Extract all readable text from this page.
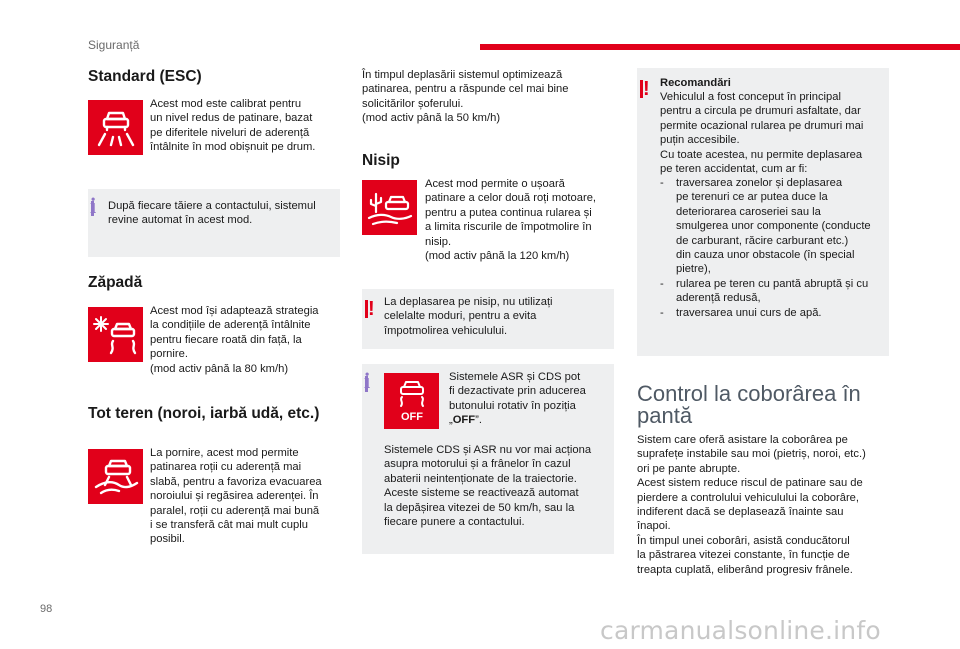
Siguranță
Standard (ESC)
Acest mod este calibrat pentru
un nivel redus de patinare, bazat
pe diferitele niveluri de aderență
întâlnite în mod obișnuit pe drum.
i După fiecare tăiere a contactului, sistemul
revine automat în acest mod.
Zăpadă
Acest mod își adaptează strategia
la condițiile de aderență întâlnite
pentru fiecare roată din față, la
pornire.
(mod activ până la 80 km/h)
Tot teren (noroi, iarbă udă, etc.)
La pornire, acest mod permite
patinarea roții cu aderență mai
slabă, pentru a favoriza evacuarea
noroiului și regăsirea aderenței. În
paralel, roții cu aderență mai bună
i se transferă cât mai mult cuplu
posibil.
În timpul deplasării sistemul optimizează
patinarea, pentru a răspunde cel mai bine
solicitărilor șoferului.
(mod activ până la 50 km/h)
Nisip
Acest mod permite o ușoară
patinare a celor două roți motoare,
pentru a putea continua rularea și
a limita riscurile de împotmolire în
nisip.
(mod activ până la 120 km/h)
! La deplasarea pe nisip, nu utilizați
celelalte moduri, pentru a evita
împotmolirea vehiculului.
i
OFF
Sistemele ASR și CDS pot
fi dezactivate prin aducerea
butonului rotativ în poziția
„OFF”.
Sistemele CDS și ASR nu vor mai acționa
asupra motorului și a frânelor în cazul
abaterii neintenționate de la traiectorie.
Aceste sisteme se reactivează automat
la depășirea vitezei de 50 km/h, sau la
fiecare punere a contactului.
! Recomandări
Vehiculul a fost conceput în principal
pentru a circula pe drumuri asfaltate, dar
permite ocazional rularea pe drumuri mai
puțin accesibile.
Cu toate acestea, nu permite deplasarea
pe teren accidentat, cum ar fi:
- traversarea zonelor și deplasarea
pe terenuri ce ar putea duce la
deteriorarea caroseriei sau la
smulgerea unor componente (conducte
de carburant, răcire carburant etc.)
din cauza unor obstacole (în special
pietre),
- rularea pe teren cu pantă abruptă și cu
aderență redusă,
- traversarea unui curs de apă.
Control la coborârea în
pantă
Sistem care oferă asistare la coborârea pe
suprafețe instabile sau moi (pietriș, noroi, etc.)
ori pe pante abrupte.
Acest sistem reduce riscul de patinare sau de
pierdere a controlului vehiculului la coborâre,
indiferent dacă se deplasează înainte sau
înapoi.
În timpul unei coborâri, asistă conducătorul
la păstrarea vitezei constante, în funcție de
treapta cuplată, eliberând progresiv frânele.
98
carmanualsonline.info
